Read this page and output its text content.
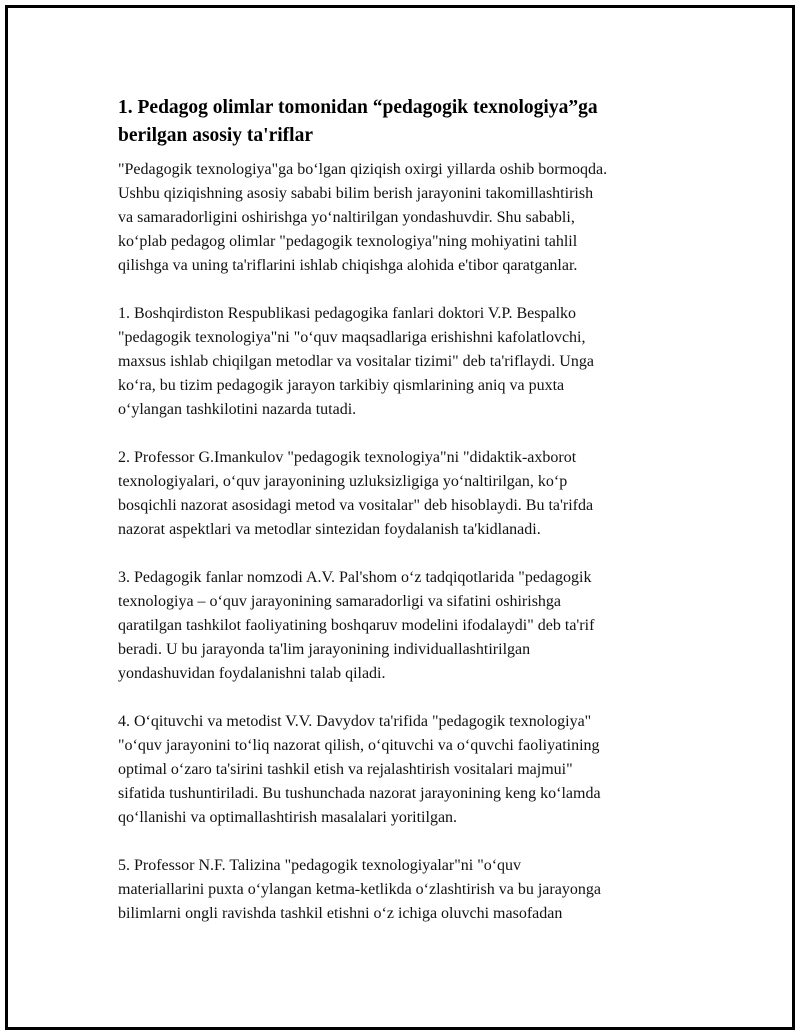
1. Pedagog olimlar tomonidan “pedagogik texnologiya”ga
berilgan asosiy ta'riflar

"Pedagogik texnologiya"ga bo‘lgan qiziqish oxirgi yillarda oshib bormoqda.
Ushbu qiziqishning asosiy sababi bilim berish jarayonini takomillashtirish
va samaradorligini oshirishga yo‘naltirilgan yondashuvdir. Shu sababli,
ko‘plab pedagog olimlar "pedagogik texnologiya"ning mohiyatini tahlil
qilishga va uning ta'riflarini ishlab chiqishga alohida e'tibor qaratganlar.

1. Boshqirdiston Respublikasi pedagogika fanlari doktori V.P. Bespalko
"pedagogik texnologiya"ni "o‘quv maqsadlariga erishishni kafolatlovchi,
maxsus ishlab chiqilgan metodlar va vositalar tizimi" deb ta'riflaydi. Unga
ko‘ra, bu tizim pedagogik jarayon tarkibiy qismlarining aniq va puxta
o‘ylangan tashkilotini nazarda tutadi.

2. Professor G.Imankulov "pedagogik texnologiya"ni "didaktik-axborot
texnologiyalari, o‘quv jarayonining uzluksizligiga yo‘naltirilgan, ko‘p
bosqichli nazorat asosidagi metod va vositalar" deb hisoblaydi. Bu ta'rifda
nazorat aspektlari va metodlar sintezidan foydalanish ta'kidlanadi.

3. Pedagogik fanlar nomzodi A.V. Pal'shom o‘z tadqiqotlarida "pedagogik
texnologiya – o‘quv jarayonining samaradorligi va sifatini oshirishga
qaratilgan tashkilot faoliyatining boshqaruv modelini ifodalaydi" deb ta'rif
beradi. U bu jarayonda ta'lim jarayonining individuallashtirilgan
yondashuvidan foydalanishni talab qiladi.

4. O‘qituvchi va metodist V.V. Davydov ta'rifida "pedagogik texnologiya"
"o‘quv jarayonini to‘liq nazorat qilish, o‘qituvchi va o‘quvchi faoliyatining
optimal o‘zaro ta'sirini tashkil etish va rejalashtirish vositalari majmui"
sifatida tushuntiriladi. Bu tushunchada nazorat jarayonining keng ko‘lamda
qo‘llanishi va optimallashtirish masalalari yoritilgan.

5. Professor N.F. Talizina "pedagogik texnologiyalar"ni "o‘quv
materiallarini puxta o‘ylangan ketma-ketlikda o‘zlashtirish va bu jarayonga
bilimlarni ongli ravishda tashkil etishni o‘z ichiga oluvchi masofadan
